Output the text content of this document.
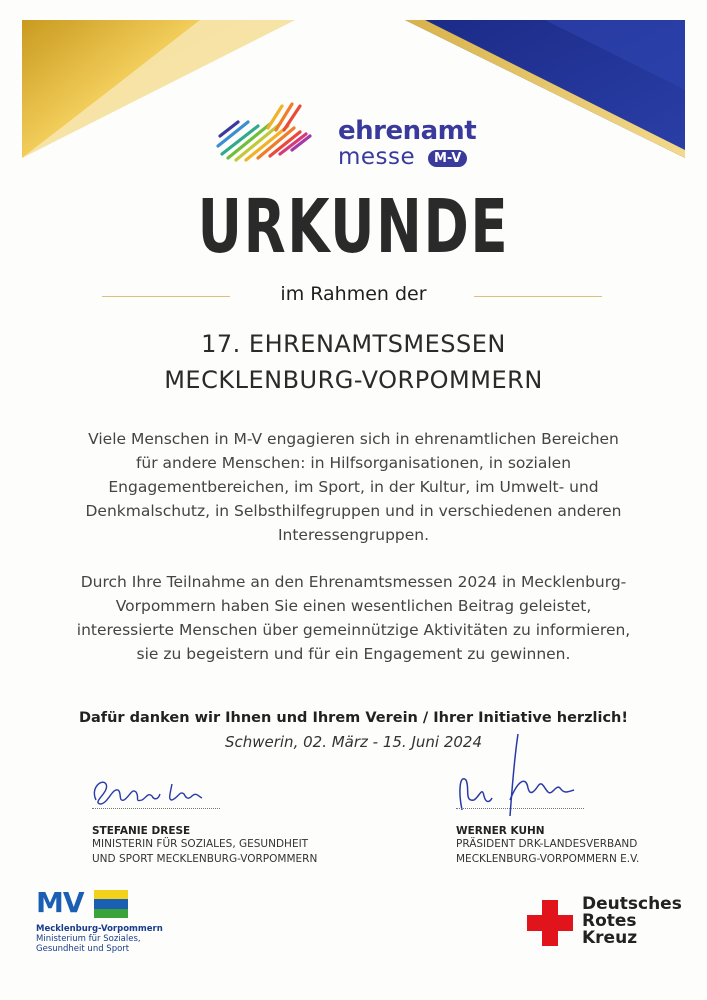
ehrenamt
messe	M-V
URKUNDE
im Rahmen der
17. EHRENAMTSMESSEN
MECKLENBURG-VORPOMMERN
Viele Menschen in M-V engagieren sich in ehrenamtlichen Bereichen
für andere Menschen: in Hilfsorganisationen, in sozialen
Engagementbereichen, im Sport, in der Kultur, im Umwelt- und
Denkmalschutz, in Selbsthilfegruppen und in verschiedenen anderen
Interessengruppen.
Durch Ihre Teilnahme an den Ehrenamtsmessen 2024 in Mecklenburg-
Vorpommern haben Sie einen wesentlichen Beitrag geleistet,
interessierte Menschen über gemeinnützige Aktivitäten zu informieren,
sie zu begeistern und für ein Engagement zu gewinnen.
Dafür danken wir Ihnen und Ihrem Verein / Ihrer Initiative herzlich!
Schwerin, 02. März - 15. Juni 2024
STEFANIE DRESE
MINISTERIN FÜR SOZIALES, GESUNDHEIT
UND SPORT MECKLENBURG-VORPOMMERN
WERNER KUHN
PRÄSIDENT DRK-LANDESVERBAND
MECKLENBURG-VORPOMMERN E.V.
MV
Mecklenburg-Vorpommern
Ministerium für Soziales,
Gesundheit und Sport
Deutsches
Rotes
Kreuz
